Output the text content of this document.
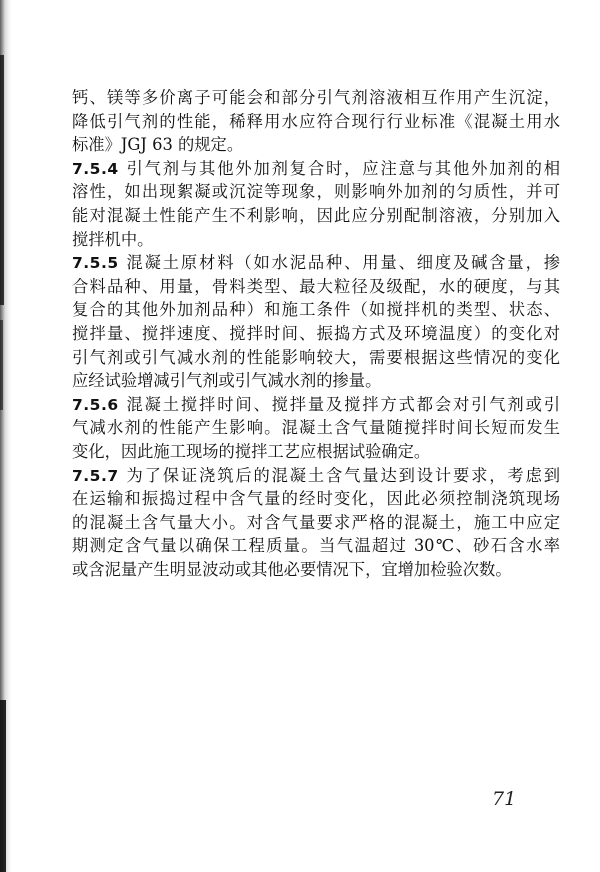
钙、镁等多价离子可能会和部分引气剂溶液相互作用产生沉淀，
降低引气剂的性能，稀释用水应符合现行行业标准《混凝土用水
标准》JGJ 63 的规定。
7.5.4 引气剂与其他外加剂复合时，应注意与其他外加剂的相
溶性，如出现絮凝或沉淀等现象，则影响外加剂的匀质性，并可
能对混凝土性能产生不利影响，因此应分别配制溶液，分别加入
搅拌机中。
7.5.5 混凝土原材料（如水泥品种、用量、细度及碱含量，掺
合料品种、用量，骨料类型、最大粒径及级配，水的硬度，与其
复合的其他外加剂品种）和施工条件（如搅拌机的类型、状态、
搅拌量、搅拌速度、搅拌时间、振捣方式及环境温度）的变化对
引气剂或引气减水剂的性能影响较大，需要根据这些情况的变化
应经试验增减引气剂或引气减水剂的掺量。
7.5.6 混凝土搅拌时间、搅拌量及搅拌方式都会对引气剂或引
气减水剂的性能产生影响。混凝土含气量随搅拌时间长短而发生
变化，因此施工现场的搅拌工艺应根据试验确定。
7.5.7 为了保证浇筑后的混凝土含气量达到设计要求，考虑到
在运输和振捣过程中含气量的经时变化，因此必须控制浇筑现场
的混凝土含气量大小。对含气量要求严格的混凝土，施工中应定
期测定含气量以确保工程质量。当气温超过 30℃、砂石含水率
或含泥量产生明显波动或其他必要情况下，宜增加检验次数。
71
